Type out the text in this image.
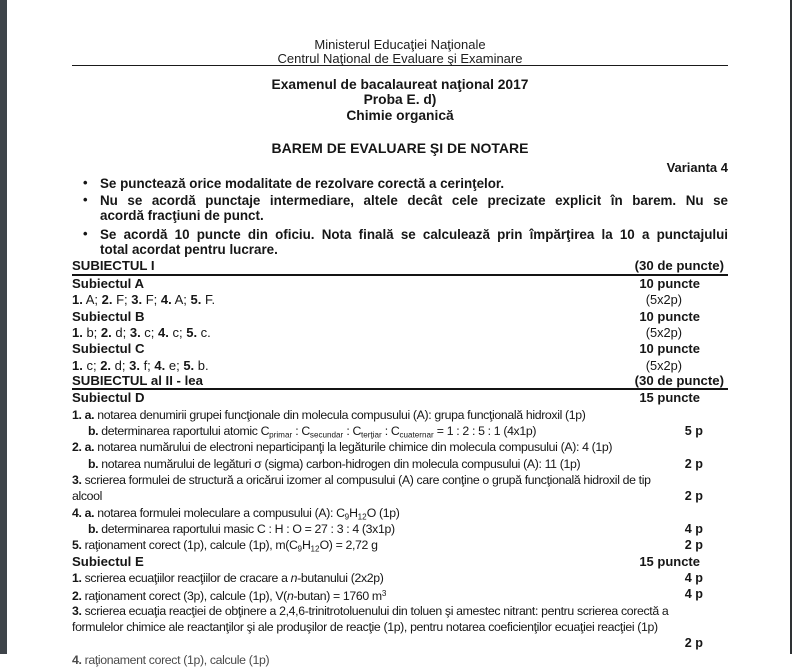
Ministerul Educaţiei Naţionale
Centrul Naţional de Evaluare şi Examinare
Examenul de bacalaureat naţional 2017
Proba E. d)
Chimie organică
BAREM DE EVALUARE ŞI DE NOTARE
Varianta 4
• Se punctează orice modalitate de rezolvare corectă a cerinţelor.
• Nu se acordă punctaje intermediare, altele decât cele precizate explicit în barem. Nu se
acordă fracţiuni de punct.
• Se acordă 10 puncte din oficiu. Nota finală se calculează prin împărţirea la 10 a punctajului
total acordat pentru lucrare.
SUBIECTUL I	(30 de puncte)
Subiectul A	10 puncte
1. A; 2. F; 3. F; 4. A; 5. F.	(5x2p)
Subiectul B	10 puncte
1. b; 2. d; 3. c; 4. c; 5. c.	(5x2p)
Subiectul C	10 puncte
1. c; 2. d; 3. f; 4. e; 5. b.	(5x2p)
SUBIECTUL al II - lea	(30 de puncte)
Subiectul D	15 puncte
1. a. notarea denumirii grupei funcţionale din molecula compusului (A): grupa funcţională hidroxil (1p)
b. determinarea raportului atomic Cprimar : Csecundar : Cterţiar : Ccuaternar = 1 : 2 : 5 : 1 (4x1p)	5 p
2. a. notarea numărului de electroni neparticipanţi la legăturile chimice din molecula compusului (A): 4 (1p)
b. notarea numărului de legături σ (sigma) carbon-hidrogen din molecula compusului (A): 11 (1p)	2 p
3. scrierea formulei de structură a oricărui izomer al compusului (A) care conţine o grupă funcţională hidroxil de tip
alcool	2 p
4. a. notarea formulei moleculare a compusului (A): C9H12O (1p)
b. determinarea raportului masic C : H : O = 27 : 3 : 4 (3x1p)	4 p
5. raţionament corect (1p), calcule (1p), m(C9H12O) = 2,72 g	2 p
Subiectul E	15 puncte
1. scrierea ecuaţiilor reacţiilor de cracare a n-butanului (2x2p)	4 p
2. raţionament corect (3p), calcule (1p), V(n-butan) = 1760 $m^3$	4 p
3. scrierea ecuaţia reacţiei de obţinere a 2,4,6-trinitrotoluenului din toluen şi amestec nitrant: pentru scrierea corectă a
formulelor chimice ale reactanţilor şi ale produşilor de reacţie (1p), pentru notarea coeficienţilor ecuaţiei reacţiei (1p)
2 p
4. raţionament corect (1p), calcule (1p)
